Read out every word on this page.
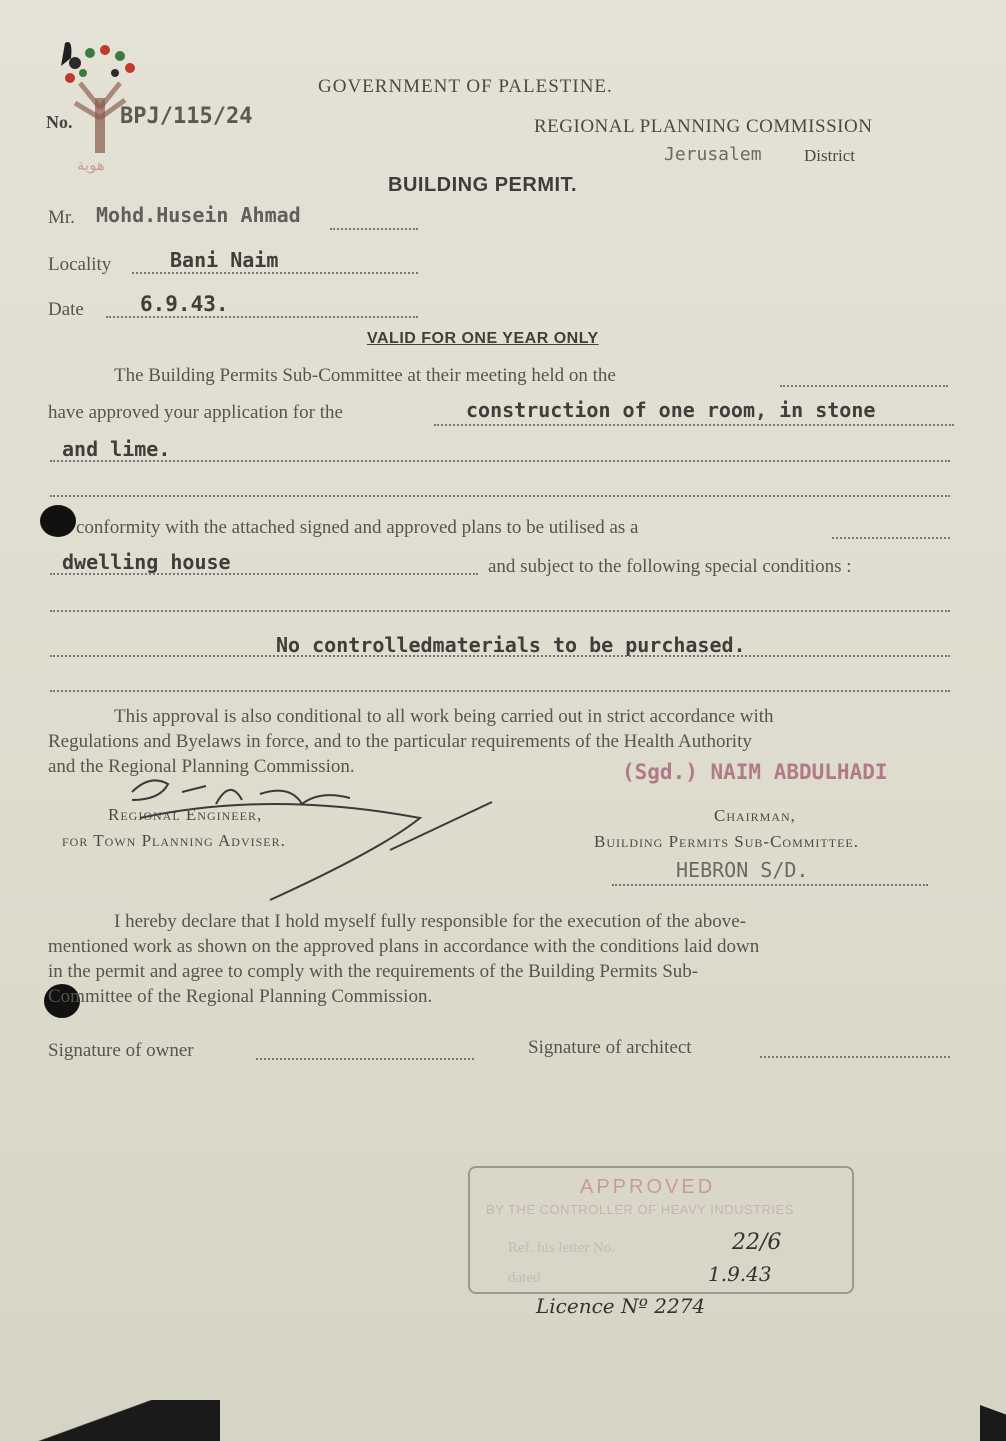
هوية
No. BPJ/115/24
GOVERNMENT OF PALESTINE.
REGIONAL PLANNING COMMISSION
Jerusalem District
BUILDING PERMIT.
Mr. Mohd.Husein Ahmad
Locality	Bani Naim
Date	6.9.43.
VALID FOR ONE YEAR ONLY
The Building Permits Sub-Committee at their meeting held on the
have approved your application for the	construction of one room, in stone
and lime.
conformity with the attached signed and approved plans to be utilised as a
dwelling house	and subject to the following special conditions :
No controlledmaterials to be purchased.
This approval is also conditional to all work being carried out in strict accordance with
Regulations and Byelaws in force, and to the particular requirements of the Health Authority
and the Regional Planning Commission.
Regional Engineer,
for Town Planning Adviser.
(Sgd.) NAIM ABDULHADI
Chairman,
Building Permits Sub-Committee.
HEBRON S/D.
I hereby declare that I hold myself fully responsible for the execution of the above-
mentioned work as shown on the approved plans in accordance with the conditions laid down
in the permit and agree to comply with the requirements of the Building Permits Sub-
Committee of the Regional Planning Commission.
Signature of owner	Signature of architect
APPROVED
BY THE CONTROLLER OF HEAVY INDUSTRIES
Ref. his letter No.	22/6
dated	1.9.43
Licence Nº 2274
